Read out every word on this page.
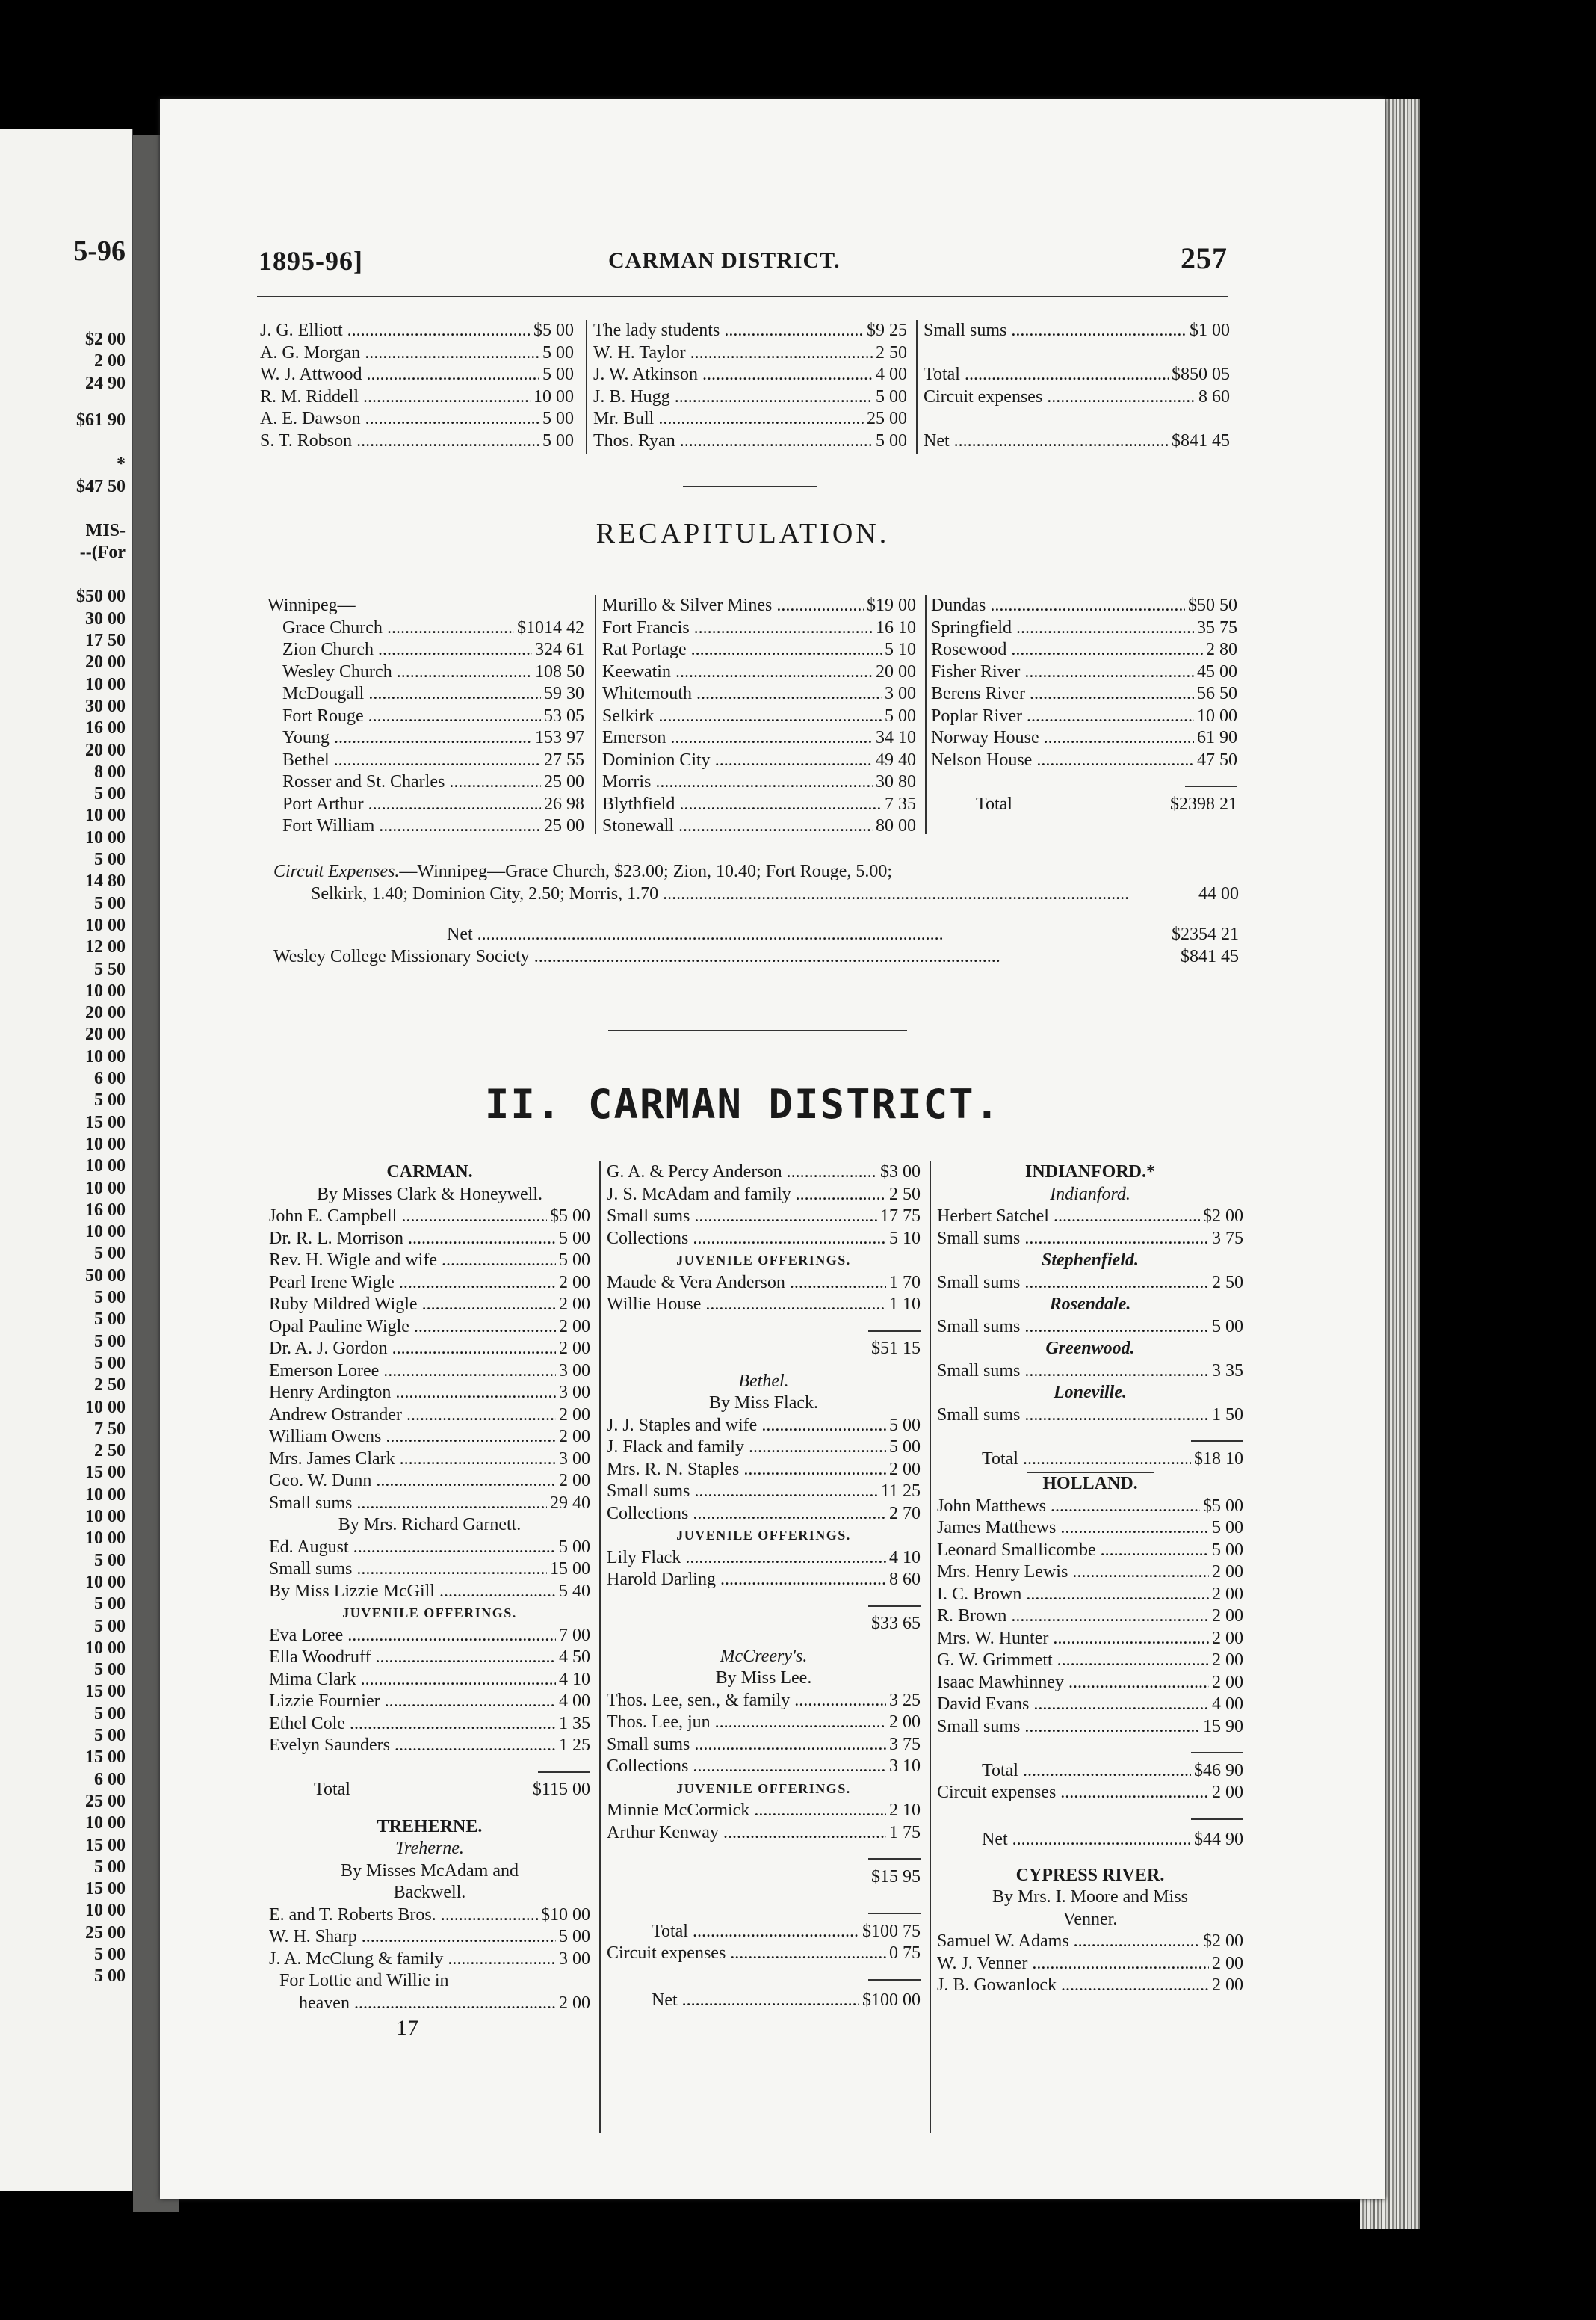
5-96
$2 00
2 00
24 90
$61 90
*
$47 50
MIS-
--(For
$50 00
30 00
17 50
20 00
10 00
30 00
16 00
20 00
8 00
5 00
10 00
10 00
5 00
14 80
5 00
10 00
12 00
5 50
10 00
20 00
20 00
10 00
6 00
5 00
15 00
10 00
10 00
10 00
16 00
10 00
5 00
50 00
5 00
5 00
5 00
5 00
2 50
10 00
7 50
2 50
15 00
10 00
10 00
10 00
5 00
10 00
5 00
5 00
10 00
5 00
15 00
5 00
5 00
15 00
6 00
25 00
10 00
15 00
5 00
15 00
10 00
25 00
5 00
5 00
1895-96]	CARMAN DISTRICT.	257
J. G. Elliott .....	$5 00
A. G. Morgan .....	5 00
W. J. Attwood .....	5 00
R. M. Riddell .....	10 00
A. E. Dawson .....	5 00
S. T. Robson .....	5 00
The lady students .....	$9 25
W. H. Taylor .....	2 50
J. W. Atkinson .....	4 00
J. B. Hugg .....	5 00
Mr. Bull .....	25 00
Thos. Ryan .....	5 00
Small sums .....	$1 00

Total .....	$850 05
Circuit expenses .....	8 60

Net .....	$841 45
RECAPITULATION.
Winnipeg—
Grace Church .....	$1014 42
Zion Church .....	324 61
Wesley Church .....	108 50
McDougall .....	59 30
Fort Rouge .....	53 05
Young .....	153 97
Bethel .....	27 55
Rosser and St. Charles .....	25 00
Port Arthur .....	26 98
Fort William .....	25 00
Murillo & Silver Mines .....	$19 00
Fort Francis .....	16 10
Rat Portage .....	5 10
Keewatin .....	20 00
Whitemouth .....	3 00
Selkirk .....	5 00
Emerson .....	34 10
Dominion City .....	49 40
Morris .....	30 80
Blythfield .....	7 35
Stonewall .....	80 00
Dundas .....	$50 50
Springfield .....	35 75
Rosewood .....	2 80
Fisher River .....	45 00
Berens River .....	56 50
Poplar River .....	10 00
Norway House .....	61 90
Nelson House .....	47 50
Total	$2398 21
Circuit Expenses.—Winnipeg—Grace Church, $23.00; Zion, 10.40; Fort Rouge, 5.00;
Selkirk, 1.40; Dominion City, 2.50; Morris, 1.70 .....	44 00
Net .....	$2354 21
Wesley College Missionary Society .....	$841 45
II. CARMAN DISTRICT.
CARMAN.
By Misses Clark & Honeywell.
John E. Campbell .....	$5 00
Dr. R. L. Morrison .....	5 00
Rev. H. Wigle and wife .....	5 00
Pearl Irene Wigle .....	2 00
Ruby Mildred Wigle .....	2 00
Opal Pauline Wigle .....	2 00
Dr. A. J. Gordon .....	2 00
Emerson Loree .....	3 00
Henry Ardington .....	3 00
Andrew Ostrander .....	2 00
William Owens .....	2 00
Mrs. James Clark .....	3 00
Geo. W. Dunn .....	2 00
Small sums .....	29 40
By Mrs. Richard Garnett.
Ed. August .....	5 00
Small sums .....	15 00
By Miss Lizzie McGill .....	5 40
JUVENILE OFFERINGS.
Eva Loree .....	7 00
Ella Woodruff .....	4 50
Mima Clark .....	4 10
Lizzie Fournier .....	4 00
Ethel Cole .....	1 35
Evelyn Saunders .....	1 25
Total	$115 00
TREHERNE.
Treherne.
By Misses McAdam and
Backwell.
E. and T. Roberts Bros. .....	$10 00
W. H. Sharp .....	5 00
J. A. McClung & family .....	3 00
For Lottie and Willie in
heaven .....	2 00
17
G. A. & Percy Anderson .....	$3 00
J. S. McAdam and family .....	2 50
Small sums .....	17 75
Collections .....	5 10
JUVENILE OFFERINGS.
Maude & Vera Anderson .....	1 70
Willie House .....	1 10
$51 15
Bethel.
By Miss Flack.
J. J. Staples and wife .....	5 00
J. Flack and family .....	5 00
Mrs. R. N. Staples .....	2 00
Small sums .....	11 25
Collections .....	2 70
JUVENILE OFFERINGS.
Lily Flack .....	4 10
Harold Darling .....	8 60
$33 65
McCreery's.
By Miss Lee.
Thos. Lee, sen., & family .....	3 25
Thos. Lee, jun .....	2 00
Small sums .....	3 75
Collections .....	3 10
JUVENILE OFFERINGS.
Minnie McCormick .....	2 10
Arthur Kenway .....	1 75
$15 95
Total .....	$100 75
Circuit expenses .....	0 75
Net .....	$100 00
INDIANFORD.*
Indianford.
Herbert Satchel .....	$2 00
Small sums .....	3 75
Stephenfield.
Small sums .....	2 50
Rosendale.
Small sums .....	5 00
Greenwood.
Small sums .....	3 35
Loneville.
Small sums .....	1 50
Total .....	$18 10
HOLLAND.
John Matthews .....	$5 00
James Matthews .....	5 00
Leonard Smallicombe .....	5 00
Mrs. Henry Lewis .....	2 00
I. C. Brown .....	2 00
R. Brown .....	2 00
Mrs. W. Hunter .....	2 00
G. W. Grimmett .....	2 00
Isaac Mawhinney .....	2 00
David Evans .....	4 00
Small sums .....	15 90
Total .....	$46 90
Circuit expenses .....	2 00
Net .....	$44 90
CYPRESS RIVER.
By Mrs. I. Moore and Miss
Venner.
Samuel W. Adams .....	$2 00
W. J. Venner .....	2 00
J. B. Gowanlock .....	2 00
